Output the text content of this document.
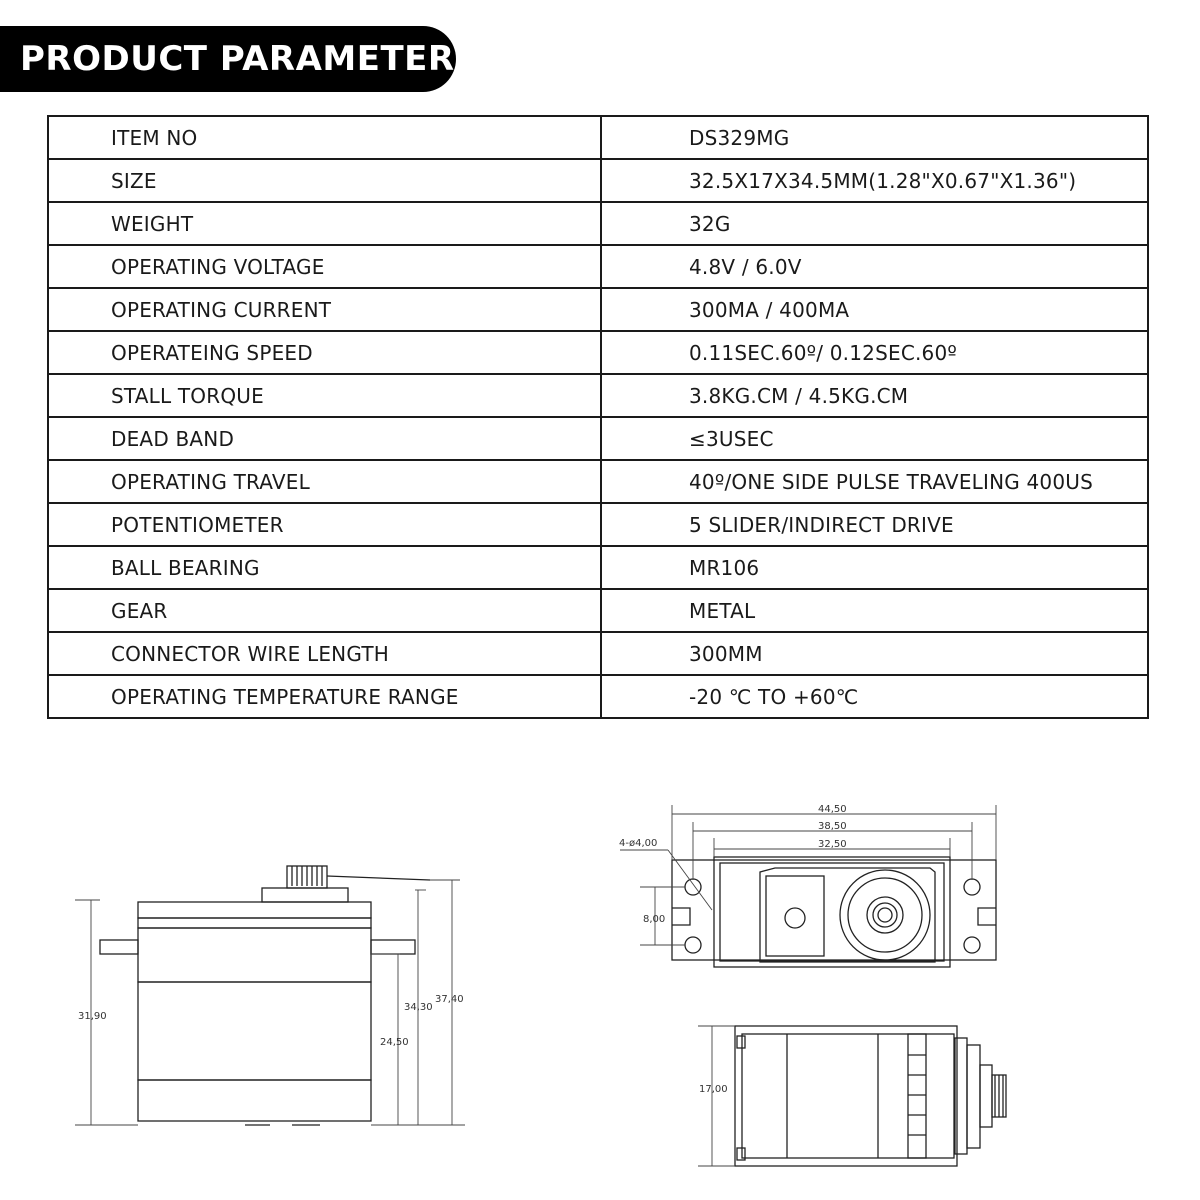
PRODUCT PARAMETERS
ITEM NO	DS329MG
SIZE	32.5X17X34.5MM(1.28"X0.67"X1.36")
WEIGHT	32G
OPERATING VOLTAGE	4.8V / 6.0V
OPERATING CURRENT	300MA / 400MA
OPERATEING SPEED	0.11SEC.60º/ 0.12SEC.60º
STALL TORQUE	3.8KG.CM / 4.5KG.CM
DEAD BAND	≤3USEC
OPERATING TRAVEL	40º/ONE SIDE PULSE TRAVELING 400US
POTENTIOMETER	5 SLIDER/INDIRECT DRIVE
BALL BEARING	MR106
GEAR	METAL
CONNECTOR WIRE LENGTH	300MM
OPERATING TEMPERATURE RANGE	-20 ℃ TO +60℃
31,90
34,30
24,50
37,40
44,50
38,50
32,50
4-ø4,00
8,00
17,00
